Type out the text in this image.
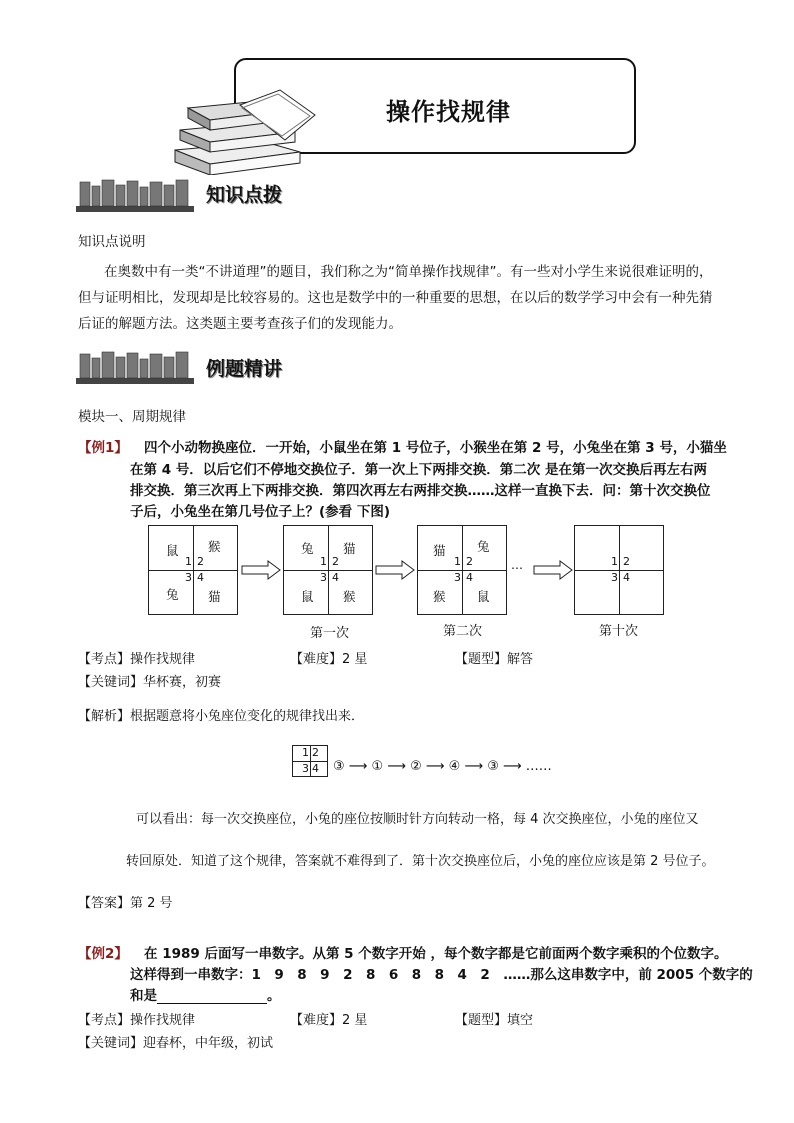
操作找规律
知识点拨
知识点说明
在奥数中有一类“不讲道理”的题目，我们称之为“简单操作找规律”。有一些对小学生来说很难证明的，
但与证明相比，发现却是比较容易的。这也是数学中的一种重要的思想，在以后的数学学习中会有一种先猜
后证的解题方法。这类题主要考查孩子们的发现能力。
例题精讲
模块一、周期规律
【例1】 四个小动物换座位．一开始，小鼠坐在第 1 号位子，小猴坐在第 2 号，小兔坐在第 3 号，小猫坐
在第 4 号．以后它们不停地交换位子．第一次上下两排交换．第二次 是在第一次交换后再左右两
排交换．第三次再上下两排交换．第四次再左右两排交换……这样一直换下去．问：第十次交换位
子后，小兔坐在第几号位子上？(参看 下图)
鼠 猴
兔 猫
1 2
3 4
兔 猫
鼠 猴
1 2
3 4
第一次
猫	兔
猴	鼠
1 2
3 4
第二次
…	1 2
3 4
第十次
【考点】操作找规律	【难度】2 星	【题型】解答
【关键词】华杯赛，初赛
【解析】根据题意将小兔座位变化的规律找出来．
1 2
3 4 ③ ⟶ ① ⟶ ② ⟶ ④ ⟶ ③ ⟶ ……
可以看出：每一次交换座位，小兔的座位按顺时针方向转动一格，每 4 次交换座位，小兔的座位又
转回原处．知道了这个规律，答案就不难得到了．第十次交换座位后，小兔的座位应该是第 2 号位子。
【答案】第 2 号
【例2】 在 1989 后面写一串数字。从第 5 个数字开始 ，每个数字都是它前面两个数字乘积的个位数字。
这样得到一串数字：1　9　8　9　2　8　6　8　8　4　2　……那么这串数字中，前 2005 个数字的
和是	。
【考点】操作找规律	【难度】2 星	【题型】填空
【关键词】迎春杯，中年级，初试
